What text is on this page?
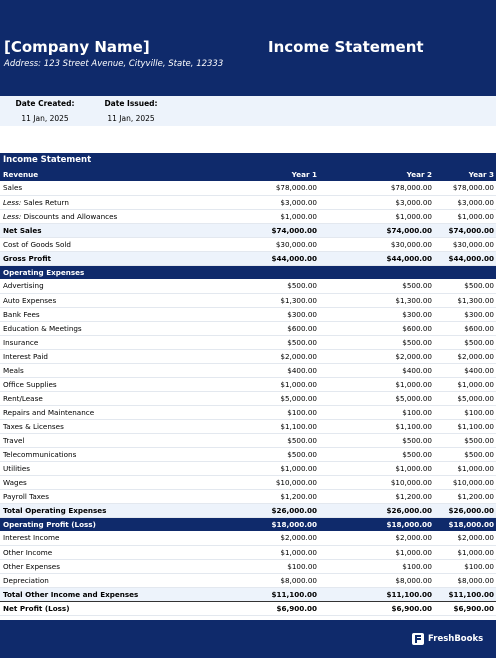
[Company Name]	Income Statement
Address: 123 Street Avenue, Cityville, State, 12333
Date Created:
11 Jan, 2025
Date Issued:
11 Jan, 2025
Income Statement
Revenue	Year 1	Year 2	Year 3
Sales	$78,000.00	$78,000.00	$78,000.00
Less: Sales Return	$3,000.00	$3,000.00	$3,000.00
Less: Discounts and Allowances	$1,000.00	$1,000.00	$1,000.00
Net Sales	$74,000.00	$74,000.00	$74,000.00
Cost of Goods Sold	$30,000.00	$30,000.00	$30,000.00
Gross Profit	$44,000.00	$44,000.00	$44,000.00
Operating Expenses			
Advertising	$500.00	$500.00	$500.00
Auto Expenses	$1,300.00	$1,300.00	$1,300.00
Bank Fees	$300.00	$300.00	$300.00
Education & Meetings	$600.00	$600.00	$600.00
Insurance	$500.00	$500.00	$500.00
Interest Paid	$2,000.00	$2,000.00	$2,000.00
Meals	$400.00	$400.00	$400.00
Office Supplies	$1,000.00	$1,000.00	$1,000.00
Rent/Lease	$5,000.00	$5,000.00	$5,000.00
Repairs and Maintenance	$100.00	$100.00	$100.00
Taxes & Licenses	$1,100.00	$1,100.00	$1,100.00
Travel	$500.00	$500.00	$500.00
Telecommunications	$500.00	$500.00	$500.00
Utilities	$1,000.00	$1,000.00	$1,000.00
Wages	$10,000.00	$10,000.00	$10,000.00
Payroll Taxes	$1,200.00	$1,200.00	$1,200.00
Total Operating Expenses	$26,000.00	$26,000.00	$26,000.00
Operating Profit (Loss)	$18,000.00	$18,000.00	$18,000.00
Interest Income	$2,000.00	$2,000.00	$2,000.00
Other Income	$1,000.00	$1,000.00	$1,000.00
Other Expenses	$100.00	$100.00	$100.00
Depreciation	$8,000.00	$8,000.00	$8,000.00
Total Other Income and Expenses	$11,100.00	$11,100.00	$11,100.00
Net Profit (Loss)	$6,900.00	$6,900.00	$6,900.00
FreshBooks
